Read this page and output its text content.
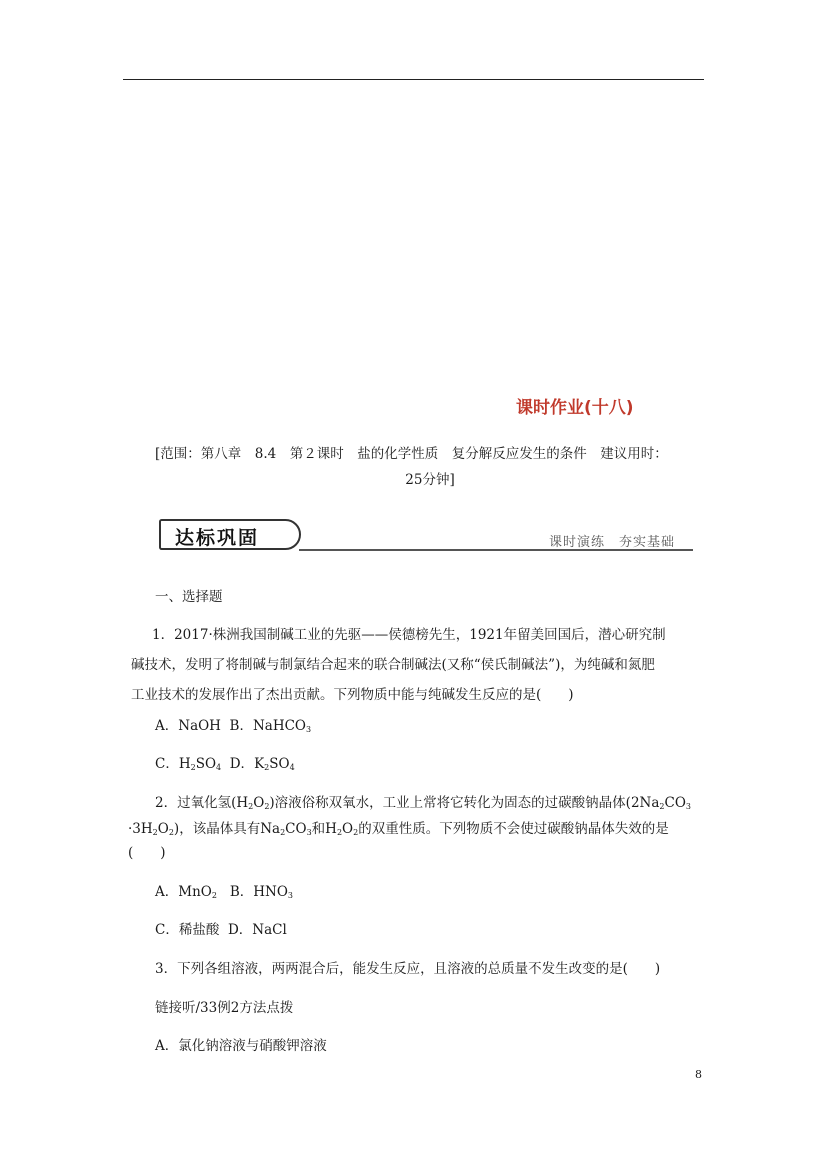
课时作业(十八)
[范围：第八章　8.4　第２课时　盐的化学性质　复分解反应发生的条件　建议用时：
25分钟]
达标巩固	课时演练　夯实基础
一、选择题
1．2017·株洲我国制碱工业的先驱——侯德榜先生，1921年留美回国后，潜心研究制
碱技术，发明了将制碱与制氯结合起来的联合制碱法(又称“侯氏制碱法”)，为纯碱和氮肥
工业技术的发展作出了杰出贡献。下列物质中能与纯碱发生反应的是(　　)
A．NaOH B．NaHCO$_3$
C．$H_2SO_4$ D．$K_2SO_4$
2．过氧化氢$(H_2O_2)$溶液俗称双氧水，工业上常将它转化为固态的过碳酸钠晶体($2Na_2CO_3$
$\cdot 3H_2O_2$)，该晶体具有$Na_2CO_3$和$H_2O_2$的双重性质。下列物质不会使过碳酸钠晶体失效的是
(　　)
A．MnO$_2$ B．$HNO_3$
C．稀盐酸 D．NaCl
3．下列各组溶液，两两混合后，能发生反应，且溶液的总质量不发生改变的是(　　)
链接听/33例2方法点拨
A．氯化钠溶液与硝酸钾溶液
8
